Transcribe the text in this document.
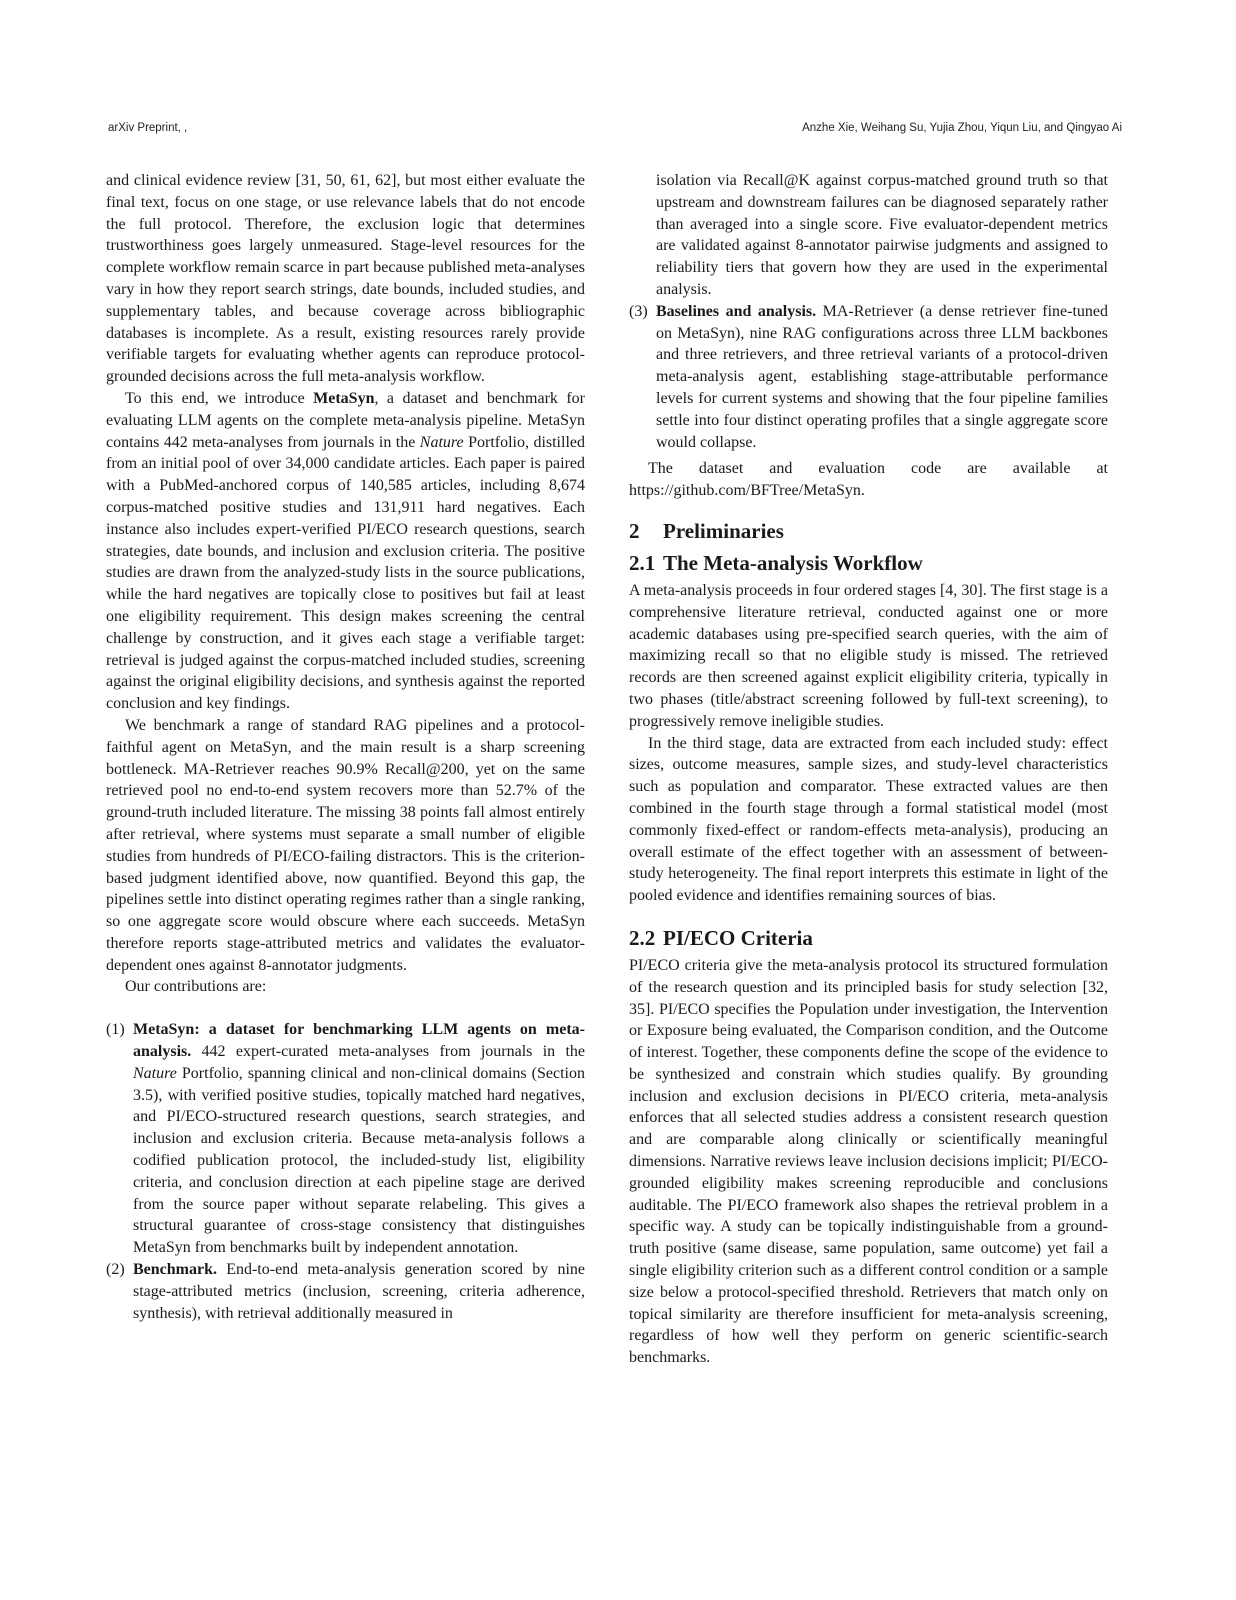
arXiv Preprint, ,	Anzhe Xie, Weihang Su, Yujia Zhou, Yiqun Liu, and Qingyao Ai

and clinical evidence review [31, 50, 61, 62], but most either evaluate the final text, focus on one stage, or use relevance labels that do not encode the full protocol. Therefore, the exclusion logic that determines trustworthiness goes largely unmeasured. Stage-level resources for the complete workflow remain scarce in part because published meta-analyses vary in how they report search strings, date bounds, included studies, and supplementary tables, and because coverage across bibliographic databases is incomplete. As a result, existing resources rarely provide verifiable targets for evaluating whether agents can reproduce protocol-grounded decisions across the full meta-analysis workflow.

To this end, we introduce MetaSyn, a dataset and benchmark for evaluating LLM agents on the complete meta-analysis pipeline. MetaSyn contains 442 meta-analyses from journals in the Nature Portfolio, distilled from an initial pool of over 34,000 candidate articles. Each paper is paired with a PubMed-anchored corpus of 140,585 articles, including 8,674 corpus-matched positive studies and 131,911 hard negatives. Each instance also includes expert-verified PI/ECO research questions, search strategies, date bounds, and inclusion and exclusion criteria. The positive studies are drawn from the analyzed-study lists in the source publications, while the hard negatives are topically close to positives but fail at least one eligibility requirement. This design makes screening the central challenge by construction, and it gives each stage a verifiable target: retrieval is judged against the corpus-matched included studies, screening against the original eligibility decisions, and synthesis against the reported conclusion and key findings.

We benchmark a range of standard RAG pipelines and a protocol-faithful agent on MetaSyn, and the main result is a sharp screening bottleneck. MA-Retriever reaches 90.9% Recall@200, yet on the same retrieved pool no end-to-end system recovers more than 52.7% of the ground-truth included literature. The missing 38 points fall almost entirely after retrieval, where systems must separate a small number of eligible studies from hundreds of PI/ECO-failing distractors. This is the criterion-based judgment identified above, now quantified. Beyond this gap, the pipelines settle into distinct operating regimes rather than a single ranking, so one aggregate score would obscure where each succeeds. MetaSyn therefore reports stage-attributed metrics and validates the evaluator-dependent ones against 8-annotator judgments.

Our contributions are:

(1) MetaSyn: a dataset for benchmarking LLM agents on meta-analysis. 442 expert-curated meta-analyses from journals in the Nature Portfolio, spanning clinical and non-clinical domains (Section 3.5), with verified positive studies, topically matched hard negatives, and PI/ECO-structured research questions, search strategies, and inclusion and exclusion criteria. Because meta-analysis follows a codified publication protocol, the included-study list, eligibility criteria, and conclusion direction at each pipeline stage are derived from the source paper without separate relabeling. This gives a structural guarantee of cross-stage consistency that distinguishes MetaSyn from benchmarks built by independent annotation.
(2) Benchmark. End-to-end meta-analysis generation scored by nine stage-attributed metrics (inclusion, screening, criteria adherence, synthesis), with retrieval additionally measured in
isolation via Recall@K against corpus-matched ground truth so that upstream and downstream failures can be diagnosed separately rather than averaged into a single score. Five evaluator-dependent metrics are validated against 8-annotator pairwise judgments and assigned to reliability tiers that govern how they are used in the experimental analysis.
(3) Baselines and analysis. MA-Retriever (a dense retriever fine-tuned on MetaSyn), nine RAG configurations across three LLM backbones and three retrievers, and three retrieval variants of a protocol-driven meta-analysis agent, establishing stage-attributable performance levels for current systems and showing that the four pipeline families settle into four distinct operating profiles that a single aggregate score would collapse.

The dataset and evaluation code are available at https://github.com/BFTree/MetaSyn.

2 Preliminaries
2.1 The Meta-analysis Workflow

A meta-analysis proceeds in four ordered stages [4, 30]. The first stage is a comprehensive literature retrieval, conducted against one or more academic databases using pre-specified search queries, with the aim of maximizing recall so that no eligible study is missed. The retrieved records are then screened against explicit eligibility criteria, typically in two phases (title/abstract screening followed by full-text screening), to progressively remove ineligible studies.

In the third stage, data are extracted from each included study: effect sizes, outcome measures, sample sizes, and study-level characteristics such as population and comparator. These extracted values are then combined in the fourth stage through a formal statistical model (most commonly fixed-effect or random-effects meta-analysis), producing an overall estimate of the effect together with an assessment of between-study heterogeneity. The final report interprets this estimate in light of the pooled evidence and identifies remaining sources of bias.

2.2 PI/ECO Criteria

PI/ECO criteria give the meta-analysis protocol its structured formulation of the research question and its principled basis for study selection [32, 35]. PI/ECO specifies the Population under investigation, the Intervention or Exposure being evaluated, the Comparison condition, and the Outcome of interest. Together, these components define the scope of the evidence to be synthesized and constrain which studies qualify. By grounding inclusion and exclusion decisions in PI/ECO criteria, meta-analysis enforces that all selected studies address a consistent research question and are comparable along clinically or scientifically meaningful dimensions. Narrative reviews leave inclusion decisions implicit; PI/ECO-grounded eligibility makes screening reproducible and conclusions auditable. The PI/ECO framework also shapes the retrieval problem in a specific way. A study can be topically indistinguishable from a ground-truth positive (same disease, same population, same outcome) yet fail a single eligibility criterion such as a different control condition or a sample size below a protocol-specified threshold. Retrievers that match only on topical similarity are therefore insufficient for meta-analysis screening, regardless of how well they perform on generic scientific-search benchmarks.
